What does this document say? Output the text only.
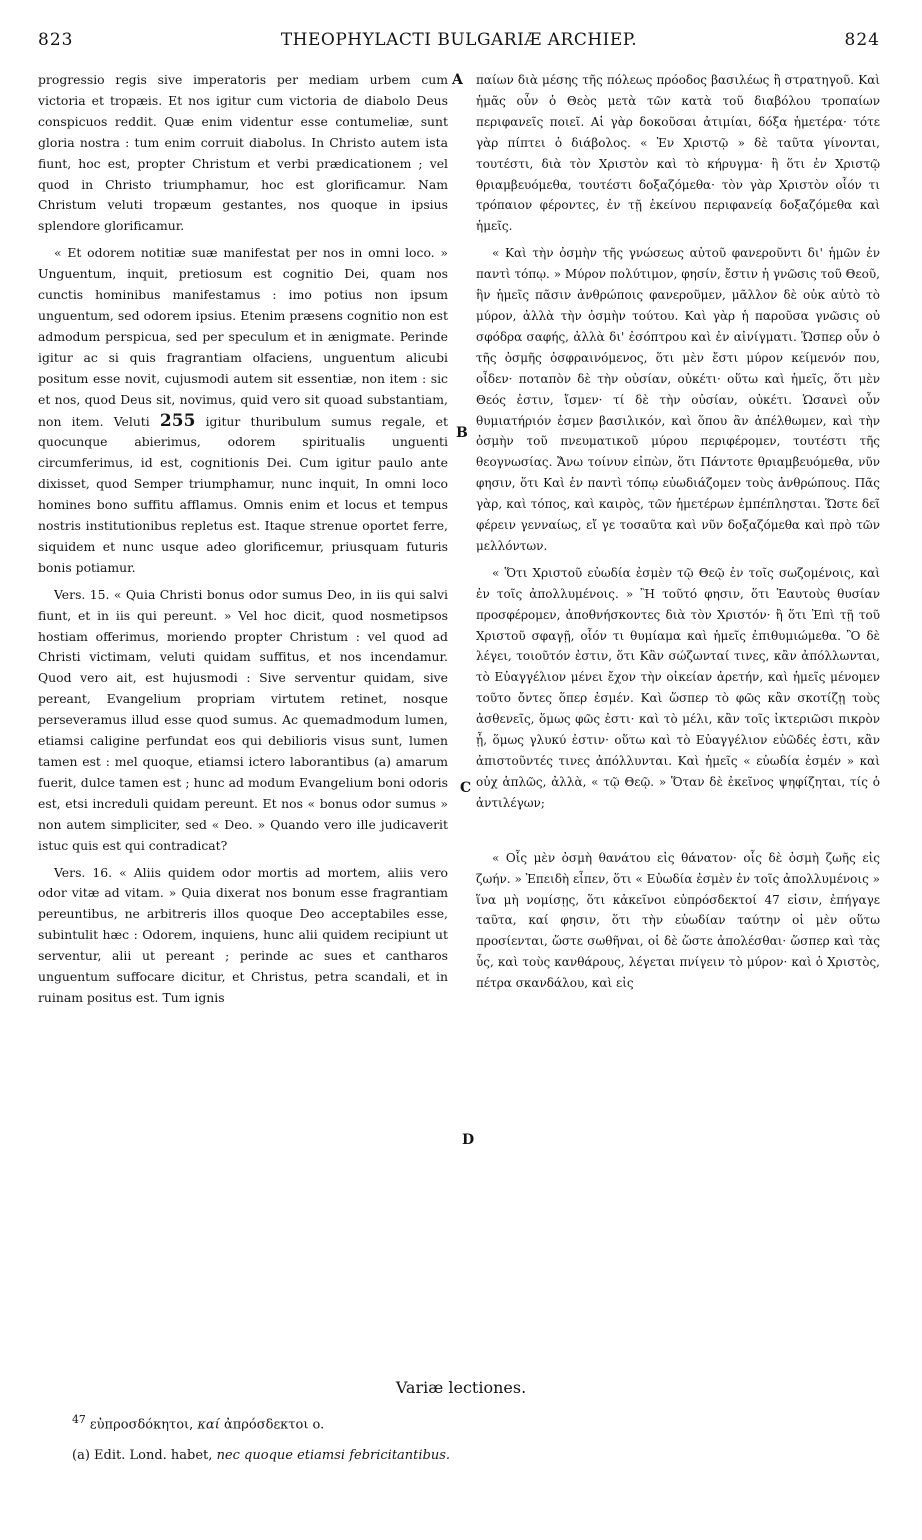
823	THEOPHYLACTI BULGARIÆ ARCHIEP.	824

progressio regis sive imperatoris per mediam urbem cum victoria et tropæis. Et nos igitur cum victoria de diabolo Deus conspicuos reddit. Quæ enim videntur esse contumeliæ, sunt gloria nostra : tum enim corruit diabolus. In Christo autem ista fiunt, hoc est, propter Christum et verbi prædicationem ; vel quod in Christo triumphamur, hoc est glorificamur. Nam Christum veluti tropæum gestantes, nos quoque in ipsius splendore glorificamur.

« Et odorem notitiæ suæ manifestat per nos in omni loco. » Unguentum, inquit, pretiosum est cognitio Dei, quam nos cunctis hominibus manifestamus : imo potius non ipsum unguentum, sed odorem ipsius. Etenim præsens cognitio non est admodum perspicua, sed per speculum et in ænigmate. Perinde igitur ac si quis fragrantiam olfaciens, unguentum alicubi positum esse novit, cujusmodi autem sit essentiæ, non item : sic et nos, quod Deus sit, novimus, quid vero sit quoad substantiam, non item. Veluti 255 igitur thuribulum sumus regale, et quocunque abierimus, odorem spiritualis unguenti circumferimus, id est, cognitionis Dei. Cum igitur paulo ante dixisset, quod Semper triumphamur, nunc inquit, In omni loco homines bono suffitu afflamus. Omnis enim et locus et tempus nostris institutionibus repletus est. Itaque strenue oportet ferre, siquidem et nunc usque adeo glorificemur, priusquam futuris bonis potiamur.

Vers. 15. « Quia Christi bonus odor sumus Deo, in iis qui salvi fiunt, et in iis qui pereunt. » Vel hoc dicit, quod nosmetipsos hostiam offerimus, moriendo propter Christum : vel quod ad Christi victimam, veluti quidam suffitus, et nos incendamur. Quod vero ait, est hujusmodi : Sive serventur quidam, sive pereant, Evangelium propriam virtutem retinet, nosque perseveramus illud esse quod sumus. Ac quemadmodum lumen, etiamsi caligine perfundat eos qui debilioris visus sunt, lumen tamen est : mel quoque, etiamsi ictero laborantibus (a) amarum fuerit, dulce tamen est ; hunc ad modum Evangelium boni odoris est, etsi increduli quidam pereunt. Et nos « bonus odor sumus » non autem simpliciter, sed « Deo. » Quando vero ille judicaverit istuc quis est qui contradicat?

Vers. 16. « Aliis quidem odor mortis ad mortem, aliis vero odor vitæ ad vitam. » Quia dixerat nos bonum esse fragrantiam pereuntibus, ne arbitreris illos quoque Deo acceptabiles esse, subintulit hæc : Odorem, inquiens, hunc alii quidem recipiunt ut serventur, alii ut pereant ; perinde ac sues et cantharos unguentum suffocare dicitur, et Christus, petra scandali, et in ruinam positus est. Tum ignis

παίων διὰ μέσης τῆς πόλεως πρόοδος βασιλέως ἢ στρατηγοῦ. Καὶ ἡμᾶς οὖν ὁ Θεὸς μετὰ τῶν κατὰ τοῦ διαβόλου τροπαίων περιφανεῖς ποιεῖ. Αἱ γὰρ δοκοῦσαι ἀτιμίαι, δόξα ἡμετέρα· τότε γὰρ πίπτει ὁ διάβολος. « Ἐν Χριστῷ » δὲ ταῦτα γίνονται, τουτέστι, διὰ τὸν Χριστὸν καὶ τὸ κήρυγμα· ἢ ὅτι ἐν Χριστῷ θριαμβευόμεθα, τουτέστι δοξαζόμεθα· τὸν γὰρ Χριστὸν οἷόν τι τρόπαιον φέροντες, ἐν τῇ ἐκείνου περιφανείᾳ δοξαζόμεθα καὶ ἡμεῖς.

« Καὶ τὴν ὀσμὴν τῆς γνώσεως αὐτοῦ φανεροῦντι δι' ἡμῶν ἐν παντὶ τόπῳ. » Μύρον πολύτιμον, φησίν, ἔστιν ἡ γνῶσις τοῦ Θεοῦ, ἣν ἡμεῖς πᾶσιν ἀνθρώποις φανεροῦμεν, μᾶλλον δὲ οὐκ αὐτὸ τὸ μύρον, ἀλλὰ τὴν ὀσμὴν τούτου. Καὶ γὰρ ἡ παροῦσα γνῶσις οὐ σφόδρα σαφής, ἀλλὰ δι' ἐσόπτρου καὶ ἐν αἰνίγματι. Ὥσπερ οὖν ὁ τῆς ὀσμῆς ὀσφραινόμενος, ὅτι μὲν ἔστι μύρον κείμενόν που, οἶδεν· ποταπὸν δὲ τὴν οὐσίαν, οὐκέτι· οὕτω καὶ ἡμεῖς, ὅτι μὲν Θεός ἐστιν, ἴσμεν· τί δὲ τὴν οὐσίαν, οὐκέτι. Ὡσανεὶ οὖν θυμιατήριόν ἐσμεν βασιλικόν, καὶ ὅπου ἂν ἀπέλθωμεν, καὶ τὴν ὀσμὴν τοῦ πνευματικοῦ μύρου περιφέρομεν, τουτέστι τῆς θεογνωσίας. Ἄνω τοίνυν εἰπὼν, ὅτι Πάντοτε θριαμβευόμεθα, νῦν φησιν, ὅτι Καὶ ἐν παντὶ τόπῳ εὐωδιάζομεν τοὺς ἀνθρώπους. Πᾶς γὰρ, καὶ τόπος, καὶ καιρὸς, τῶν ἡμετέρων ἐμπέπλησται. Ὥστε δεῖ φέρειν γενναίως, εἴ γε τοσαῦτα καὶ νῦν δοξαζόμεθα καὶ πρὸ τῶν μελλόντων.

« Ὅτι Χριστοῦ εὐωδία ἐσμὲν τῷ Θεῷ ἐν τοῖς σωζομένοις, καὶ ἐν τοῖς ἀπολλυμένοις. » Ἢ τοῦτό φησιν, ὅτι Ἑαυτοὺς θυσίαν προσφέρομεν, ἀποθνήσκοντες διὰ τὸν Χριστόν· ἢ ὅτι Ἐπὶ τῇ τοῦ Χριστοῦ σφαγῇ, οἷόν τι θυμίαμα καὶ ἡμεῖς ἐπιθυμιώμεθα. Ὃ δὲ λέγει, τοιοῦτόν ἐστιν, ὅτι Κἂν σώζωνταί τινες, κἂν ἀπόλλωνται, τὸ Εὐαγγέλιον μένει ἔχον τὴν οἰκείαν ἀρετήν, καὶ ἡμεῖς μένομεν τοῦτο ὄντες ὅπερ ἐσμέν. Καὶ ὥσπερ τὸ φῶς κἂν σκοτίζῃ τοὺς ἀσθενεῖς, ὅμως φῶς ἐστι· καὶ τὸ μέλι, κἂν τοῖς ἰκτεριῶσι πικρὸν ᾖ, ὅμως γλυκύ ἐστιν· οὕτω καὶ τὸ Εὐαγγέλιον εὐῶδές ἐστι, κἂν ἀπιστοῦντές τινες ἀπόλλυνται. Καὶ ἡμεῖς « εὐωδία ἐσμέν » καὶ οὐχ ἁπλῶς, ἀλλὰ, « τῷ Θεῷ. » Ὅταν δὲ ἐκεῖνος ψηφίζηται, τίς ὁ ἀντιλέγων;

« Οἷς μὲν ὀσμὴ θανάτου εἰς θάνατον· οἷς δὲ ὀσμὴ ζωῆς εἰς ζωήν. » Ἐπειδὴ εἶπεν, ὅτι « Εὐωδία ἐσμὲν ἐν τοῖς ἀπολλυμένοις » ἵνα μὴ νομίσῃς, ὅτι κἀκεῖνοι εὐπρόσδεκτοί 47 εἰσιν, ἐπήγαγε ταῦτα, καί φησιν, ὅτι τὴν εὐωδίαν ταύτην οἱ μὲν οὕτω προσίενται, ὥστε σωθῆναι, οἱ δὲ ὥστε ἀπολέσθαι· ὥσπερ καὶ τὰς ὗς, καὶ τοὺς κανθάρους, λέγεται πνίγειν τὸ μύρον· καὶ ὁ Χριστὸς, πέτρα σκανδάλου, καὶ εἰς

A
B
C
D
Variæ lectiones.
$^{47}$ εὐπροσδόκητοι, καί ἀπρόσδεκτοι o.
(a) Edit. Lond. habet, nec quoque etiamsi febricitantibus.
